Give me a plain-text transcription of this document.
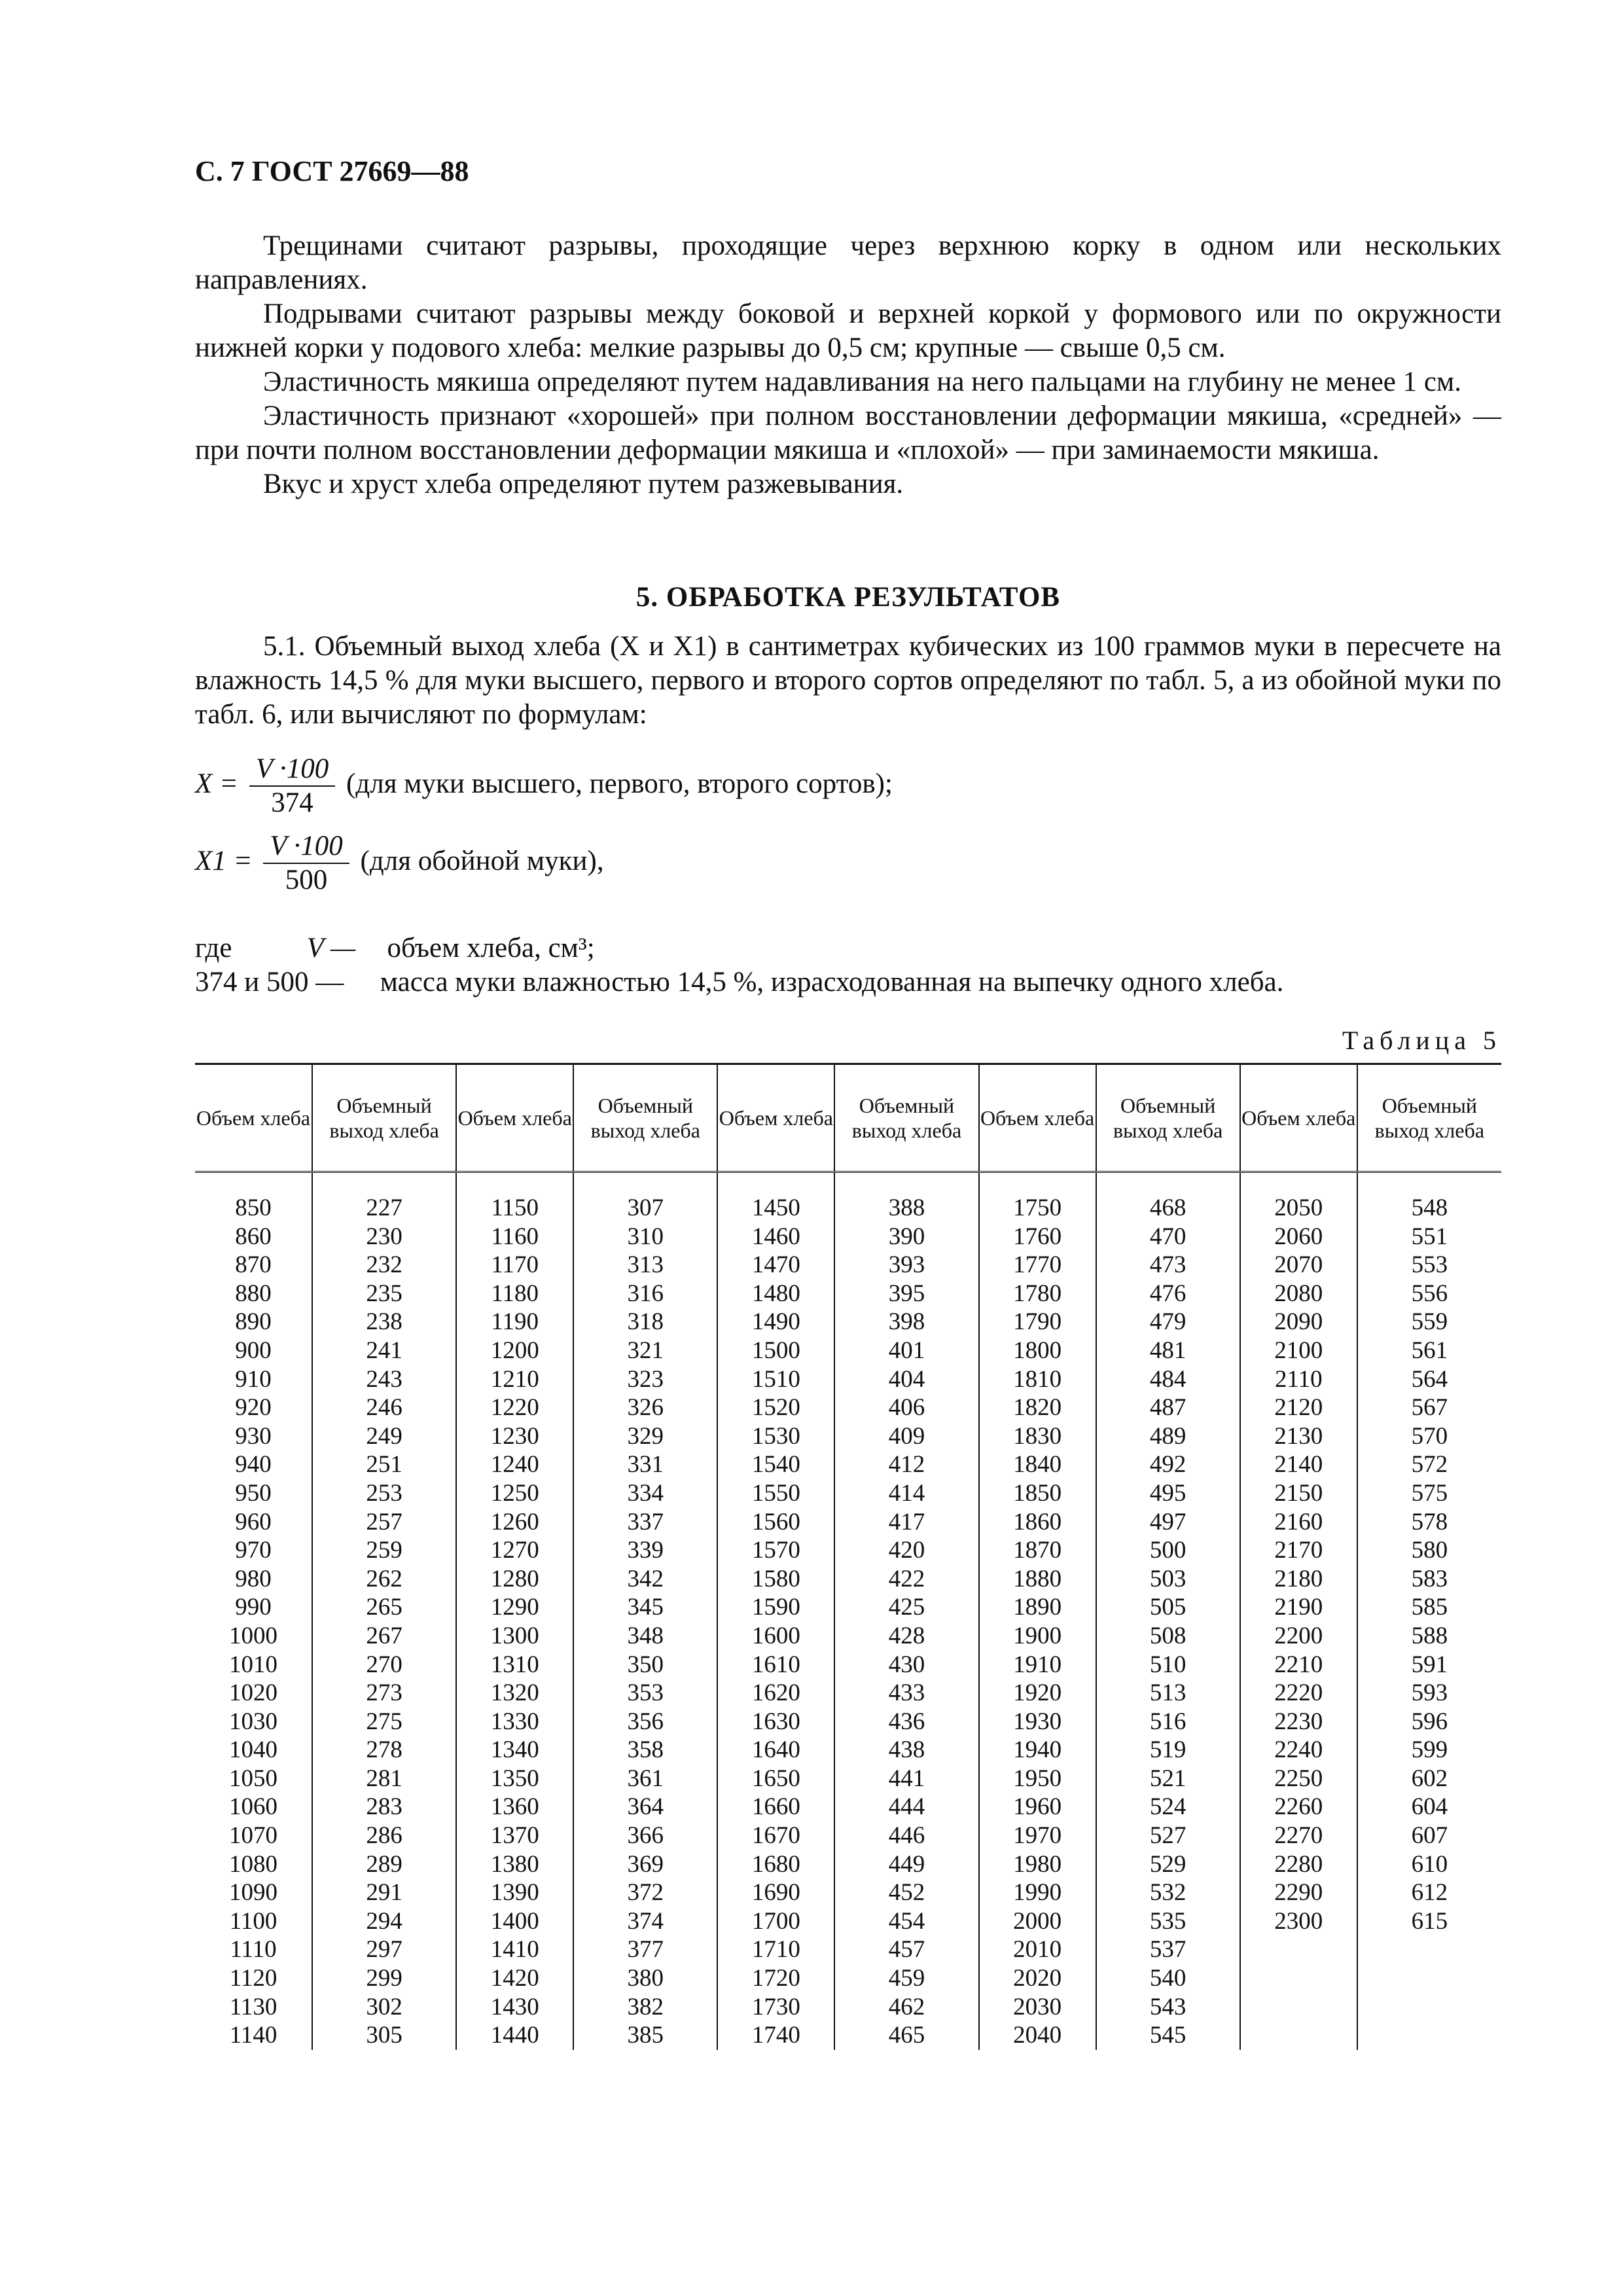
С. 7 ГОСТ 27669—88

Трещинами считают разрывы, проходящие через верхнюю корку в одном или нескольких направлениях.

Подрывами считают разрывы между боковой и верхней коркой у формового или по окружности нижней корки у подового хлеба: мелкие разрывы до 0,5 см; крупные — свыше 0,5 см.

Эластичность мякиша определяют путем надавливания на него пальцами на глубину не менее 1 см.

Эластичность признают «хорошей» при полном восстановлении деформации мякиша, «средней» — при почти полном восстановлении деформации мякиша и «плохой» — при заминаемости мякиша.

Вкус и хруст хлеба определяют путем разжевывания.

5. ОБРАБОТКА РЕЗУЛЬТАТОВ

5.1. Объемный выход хлеба (X и X1) в сантиметрах кубических из 100 граммов муки в пересчете на влажность 14,5 % для муки высшего, первого и второго сортов определяют по табл. 5, а из обойной муки по табл. 6, или вычисляют по формулам:

$X = \frac{V \cdot 100}{374} (для$ муки высшего, первого, второго сортов);
$X1 = \frac{V \cdot 100}{500} (для$ обойной муки),
где	V — объем хлеба, см³;
374 и 500 — масса муки влажностью 14,5 %, израсходованная на выпечку одного хлеба.
Таблица 5
Объем хлеба	Объемный выход хлеба	Объем хлеба	Объемный выход хлеба	Объем хлеба	Объемный выход хлеба	Объем хлеба	Объемный выход хлеба	Объем хлеба	Объемный выход хлеба

850	227	1150	307	1450	388	1750	468	2050	548
860	230	1160	310	1460	390	1760	470	2060	551
870	232	1170	313	1470	393	1770	473	2070	553
880	235	1180	316	1480	395	1780	476	2080	556
890	238	1190	318	1490	398	1790	479	2090	559
900	241	1200	321	1500	401	1800	481	2100	561
910	243	1210	323	1510	404	1810	484	2110	564
920	246	1220	326	1520	406	1820	487	2120	567
930	249	1230	329	1530	409	1830	489	2130	570
940	251	1240	331	1540	412	1840	492	2140	572
950	253	1250	334	1550	414	1850	495	2150	575
960	257	1260	337	1560	417	1860	497	2160	578
970	259	1270	339	1570	420	1870	500	2170	580
980	262	1280	342	1580	422	1880	503	2180	583
990	265	1290	345	1590	425	1890	505	2190	585
1000	267	1300	348	1600	428	1900	508	2200	588
1010	270	1310	350	1610	430	1910	510	2210	591
1020	273	1320	353	1620	433	1920	513	2220	593
1030	275	1330	356	1630	436	1930	516	2230	596
1040	278	1340	358	1640	438	1940	519	2240	599
1050	281	1350	361	1650	441	1950	521	2250	602
1060	283	1360	364	1660	444	1960	524	2260	604
1070	286	1370	366	1670	446	1970	527	2270	607
1080	289	1380	369	1680	449	1980	529	2280	610
1090	291	1390	372	1690	452	1990	532	2290	612
1100	294	1400	374	1700	454	2000	535	2300	615
1110	297	1410	377	1710	457	2010	537		
1120	299	1420	380	1720	459	2020	540		
1130	302	1430	382	1730	462	2030	543		
1140	305	1440	385	1740	465	2040	545		
